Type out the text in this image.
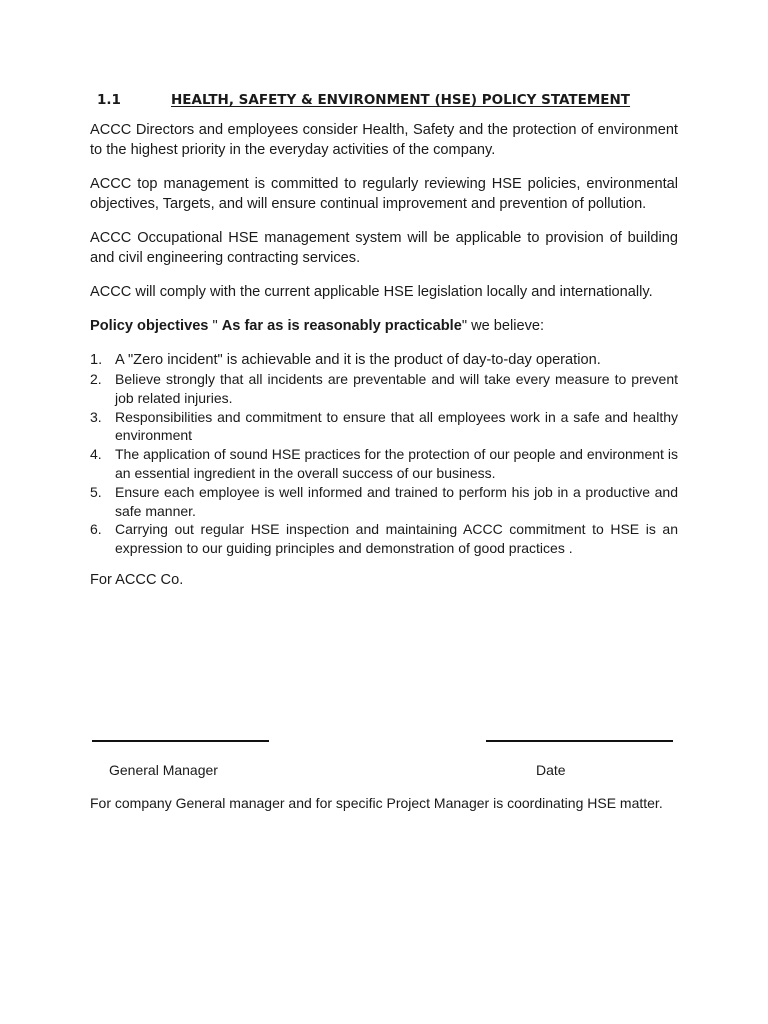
1.1	HEALTH, SAFETY & ENVIRONMENT (HSE) POLICY STATEMENT

ACCC Directors and employees consider Health, Safety and the protection of environment to the highest priority in the everyday activities of the company.

ACCC top management is committed to regularly reviewing HSE policies, environmental objectives, Targets, and will ensure continual improvement and prevention of pollution.

ACCC Occupational HSE management system will be applicable to provision of building and civil engineering contracting services.

ACCC will comply with the current applicable HSE legislation locally and internationally.

Policy objectives " As far as is reasonably practicable" we believe:

1. A "Zero incident" is achievable and it is the product of day-to-day operation.
2. Believe strongly that all incidents are preventable and will take every measure to prevent job related injuries.
3. Responsibilities and commitment to ensure that all employees work in a safe and healthy environment
4. The application of sound HSE practices for the protection of our people and environment is an essential ingredient in the overall success of our business.
5. Ensure each employee is well informed and trained to perform his job in a productive and safe manner.
6. Carrying out regular HSE inspection and maintaining ACCC commitment to HSE is an expression to our guiding principles and demonstration of good practices .

For ACCC Co.

General Manager	Date
For company General manager and for specific Project Manager is coordinating HSE matter.
